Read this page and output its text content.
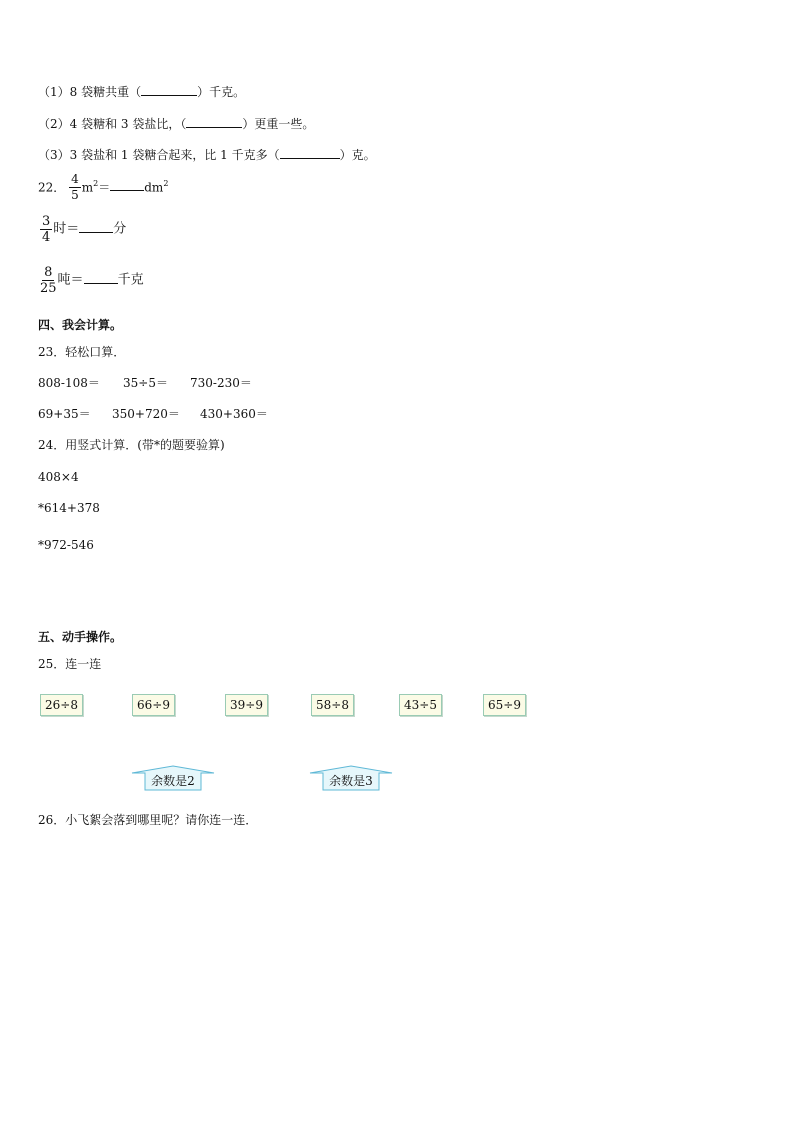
（1）8 袋糖共重（	）千克。
（2）4 袋糖和 3 袋盐比，（	）更重一些。
（3）3 袋盐和 1 袋糖合起来，比 1 千克多（	）克。
22． $\frac{4}{5} m^2=$	$dm^2$
$\frac{3}{4}$ 时＝	分
$\frac{8}{25}$ 吨＝	千克
四、我会计算。
23．轻松口算．
808-108＝ 35÷5＝ 730-230＝
69+35＝ 350+720＝ 430+360＝
24．用竖式计算．(带*的题要验算)
408×4
*614+378
*972-546
五、动手操作。
25．连一连
26÷8	66÷9	39÷9	58÷8	43÷5	65÷9
余数是2	余数是3
26．小飞絮会落到哪里呢？请你连一连．
